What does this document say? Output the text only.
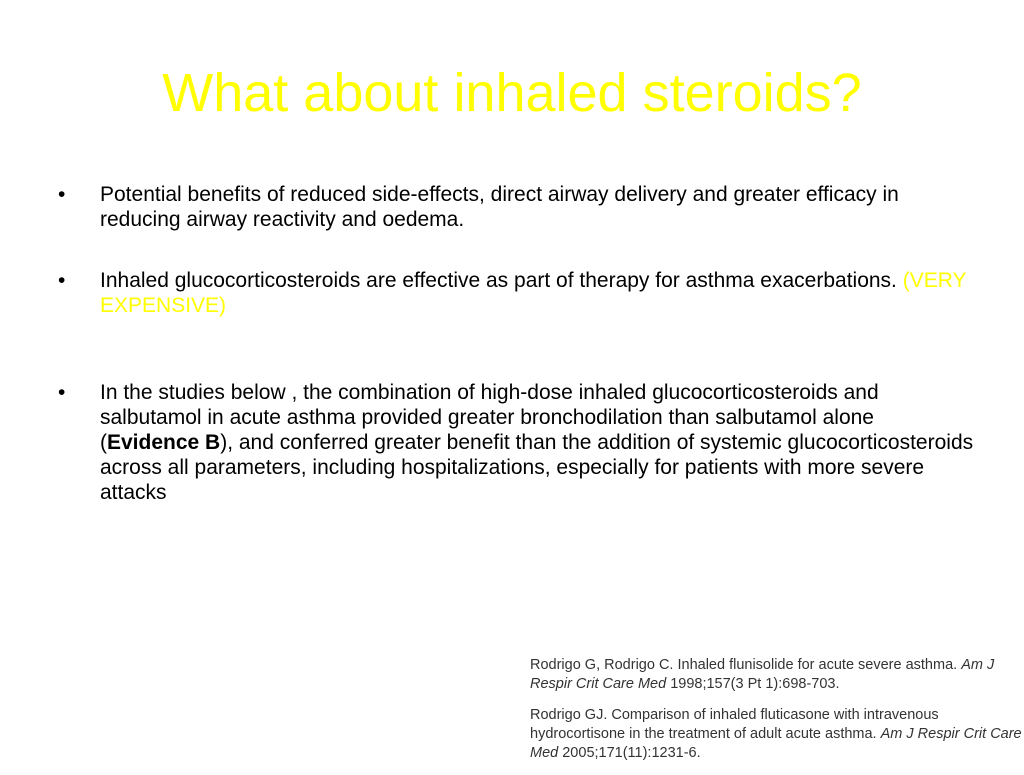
What about inhaled steroids?
• Potential benefits of reduced side-effects, direct airway delivery and greater efficacy in reducing airway reactivity and oedema.
• Inhaled glucocorticosteroids are effective as part of therapy for asthma exacerbations. (VERY EXPENSIVE)
• In the studies below , the combination of high-dose inhaled glucocorticosteroids and salbutamol in acute asthma provided greater bronchodilation than salbutamol alone (Evidence B), and conferred greater benefit than the addition of systemic glucocorticosteroids across all parameters, including hospitalizations, especially for patients with more severe attacks

Rodrigo G, Rodrigo C. Inhaled flunisolide for acute severe asthma. Am J Respir Crit Care Med 1998;157(3 Pt 1):698-703.

Rodrigo GJ. Comparison of inhaled fluticasone with intravenous hydrocortisone in the treatment of adult acute asthma. Am J Respir Crit Care Med 2005;171(11):1231-6.
